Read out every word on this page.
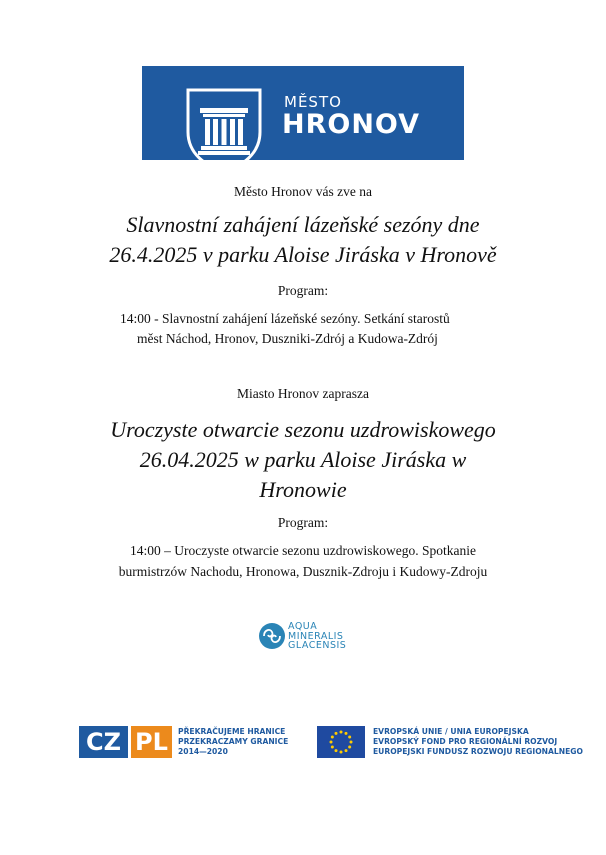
MĚSTO
HRONOV
Město Hronov vás zve na
Slavnostní zahájení lázeňské sezóny dne
26.4.2025 v parku Aloise Jiráska v Hronově
Program:
14:00 - Slavnostní zahájení lázeňské sezóny. Setkání starostů
měst Náchod, Hronov, Duszniki-Zdrój a Kudowa-Zdrój
Miasto Hronov zaprasza
Uroczyste otwarcie sezonu uzdrowiskowego
26.04.2025 w parku Aloise Jiráska w
Hronowie
Program:
14:00 – Uroczyste otwarcie sezonu uzdrowiskowego. Spotkanie
burmistrzów Nachodu, Hronowa, Dusznik-Zdroju i Kudowy-Zdroju
AQUA
MINERALIS
GLACENSIS
CZ PL	PŘEKRAČUJEME HRANICE
PRZEKRACZAMY GRANICE
2014—2020
EVROPSKÁ UNIE / UNIA EUROPEJSKA
EVROPSKÝ FOND PRO REGIONÁLNÍ ROZVOJ
EUROPEJSKI FUNDUSZ ROZWOJU REGIONALNEGO
